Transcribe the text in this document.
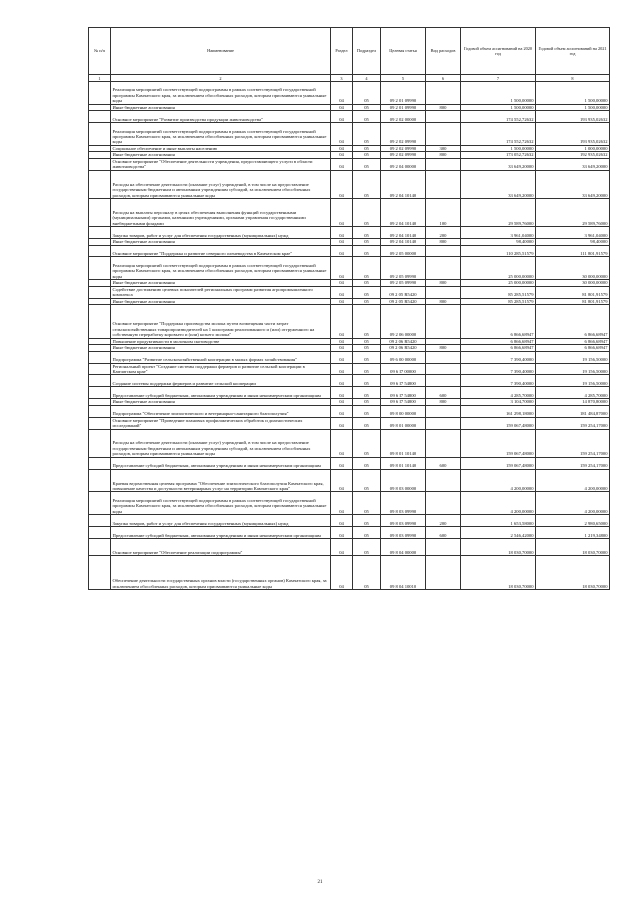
№ п/п	Наименование	Раздел	Подраздел	Целевая статья	Вид расходов	Годовой объем ассигнований на 2020 год	Годовой объем ассигнований на 2021 год
1	2	3	4	5	6	7	8
	Реализация мероприятий соответствующей подпрограммы в рамках соответствующей государственной программы Камчатского края, за исключением обособленных расходов, которым присваиваются уникальные коды	04	05	09 2 01 09990		1 500,00000	1 500,00000
	Иные бюджетные ассигнования	04	05	09 2 01 09990	800	1 500,00000	1 500,00000
	Основное мероприятие "Развитие производства продукции животноводства"	04	05	09 2 02 00000		174 552,72632	193 935,02632
	Реализация мероприятий соответствующей подпрограммы в рамках соответствующей государственной программы Камчатского края, за исключением обособленных расходов, которым присваиваются уникальные коды	04	05	09 2 02 09990		174 552,72632	193 935,02632
	Социальное обеспечение и иные выплаты населению	04	05	09 2 02 09990	300	1 500,00000	1 000,00000
	Иные бюджетные ассигнования	04	05	09 2 02 09990	800	173 052,72632	192 935,02632
	Основное мероприятие "Обеспечение деятельности учреждения, предоставляющего услуги в области животноводства"	04	05	09 2 04 00000		33 649,20000	33 649,20000
	Расходы на обеспечение деятельности (оказание услуг) учреждений, в том числе на предоставление государственным бюджетным и автономным учреждениям субсидий, за исключением обособленных расходов, которым присваиваются уникальные коды	04	05	09 2 04 10140		33 649,20000	33 649,20000
	Расходы на выплаты персоналу в целях обеспечения выполнения функций государственными (муниципальными) органами, казенными учреждениями, органами управления государственными внебюджетными фондами	04	05	09 2 04 10140	100	29 589,76000	29 589,76000
	Закупка товаров, работ и услуг для обеспечения государственных (муниципальных) нужд	04	05	09 2 04 10140	200	3 961,04000	3 961,04000
	Иные бюджетные ассигнования	04	05	09 2 04 10140	800	98,40000	98,40000
	Основное мероприятие "Поддержка и развитие северного оленеводства в Камчатском крае"	04	05	09 2 05 00000		110 285,51579	111 801,91579
	Реализация мероприятий соответствующей подпрограммы в рамках соответствующей государственной программы Камчатского края, за исключением обособленных расходов, которым присваиваются уникальные коды	04	05	09 2 05 09990		25 000,00000	30 000,00000
	Иные бюджетные ассигнования	04	05	09 2 05 09990	800	25 000,00000	30 000,00000
	Содействие достижению целевых показателей региональных программ развития агропромышленного комплекса	04	05	09 2 05 R5420		85 285,51579	81 801,91579
	Иные бюджетные ассигнования	04	05	09 2 05 R5420	800	85 285,51579	81 801,91579
	Основное мероприятие "Поддержка производства молока путем возмещения части затрат сельскохозяйственных товаропроизводителей на 1 килограмм реализованного и (или) отгруженного на собственную переработку коровьего и (или) козьего молока"	04	05	09 2 06 00000		6 866,68947	6 866,68947
	Повышение продуктивности в молочном скотоводстве	04	05	09 2 06 R5420		6 866,68947	6 866,68947
	Иные бюджетные ассигнования	04	05	09 2 06 R5420	800	6 866,68947	6 866,68947
	Подпрограмма "Развитие сельскохозяйственной кооперации в малых формах хозяйствования"	04	05	09 6 00 00000		7 390,40000	19 156,50000
	Региональный проект "Создание системы поддержки фермеров и развитие сельской кооперации в Камчатском крае"	04	05	09 6 I7 00000		7 390,40000	19 156,50000
	Создание системы поддержки фермеров и развитие сельской кооперации	04	05	09 6 I7 54800		7 390,40000	19 156,50000
	Предоставление субсидий бюджетным, автономным учреждениям и иным некоммерческим организациям	04	05	09 6 I7 54800	600	4 285,70000	4 285,70000
	Иные бюджетные ассигнования	04	05	09 6 I7 54800	800	3 104,70000	14 870,80000
	Подпрограмма "Обеспечение эпизоотического и ветеринарно-санитарного благополучия"	04	05	09 8 00 00000		161 298,18000	181 484,87000
	Основное мероприятие "Проведение плановых профилактических обработок и диагностических исследований"	04	05	09 8 01 00000		159 067,48000	159 254,17000
	Расходы на обеспечение деятельности (оказание услуг) учреждений, в том числе на предоставление государственным бюджетным и автономным учреждениям субсидий, за исключением обособленных расходов, которым присваиваются уникальные коды	04	05	09 8 01 10140		159 067,48000	159 254,17000
	Предоставление субсидий бюджетным, автономным учреждениям и иным некоммерческим организациям	04	05	09 8 01 10140	600	159 067,48000	159 254,17000
	Краевая ведомственная целевая программа "Обеспечение эпизоотического благополучия Камчатского края, повышение качества и доступности ветеринарных услуг на территории Камчатского края"	04	05	09 8 03 00000		4 200,00000	4 200,00000
	Реализация мероприятий соответствующей подпрограммы в рамках соответствующей государственной программы Камчатского края, за исключением обособленных расходов, которым присваиваются уникальные коды	04	05	09 8 03 09990		4 200,00000	4 200,00000
	Закупка товаров, работ и услуг для обеспечения государственных (муниципальных) нужд	04	05	09 8 03 09990	200	1 653,58000	2 980,65000
	Предоставление субсидий бюджетным, автономным учреждениям и иным некоммерческим организациям	04	05	09 8 03 09990	600	2 546,42000	1 219,34800
	Основное мероприятие "Обеспечение реализации подпрограммы"	04	05	09 8 04 00000		18 030,70000	18 030,70000
	Обеспечение деятельности государственных органов власти (государственных органов) Камчатского края, за исключением обособленных расходов, которым присваиваются уникальные коды	04	05	09 8 04 10010		18 030,70000	18 030,70000
21
